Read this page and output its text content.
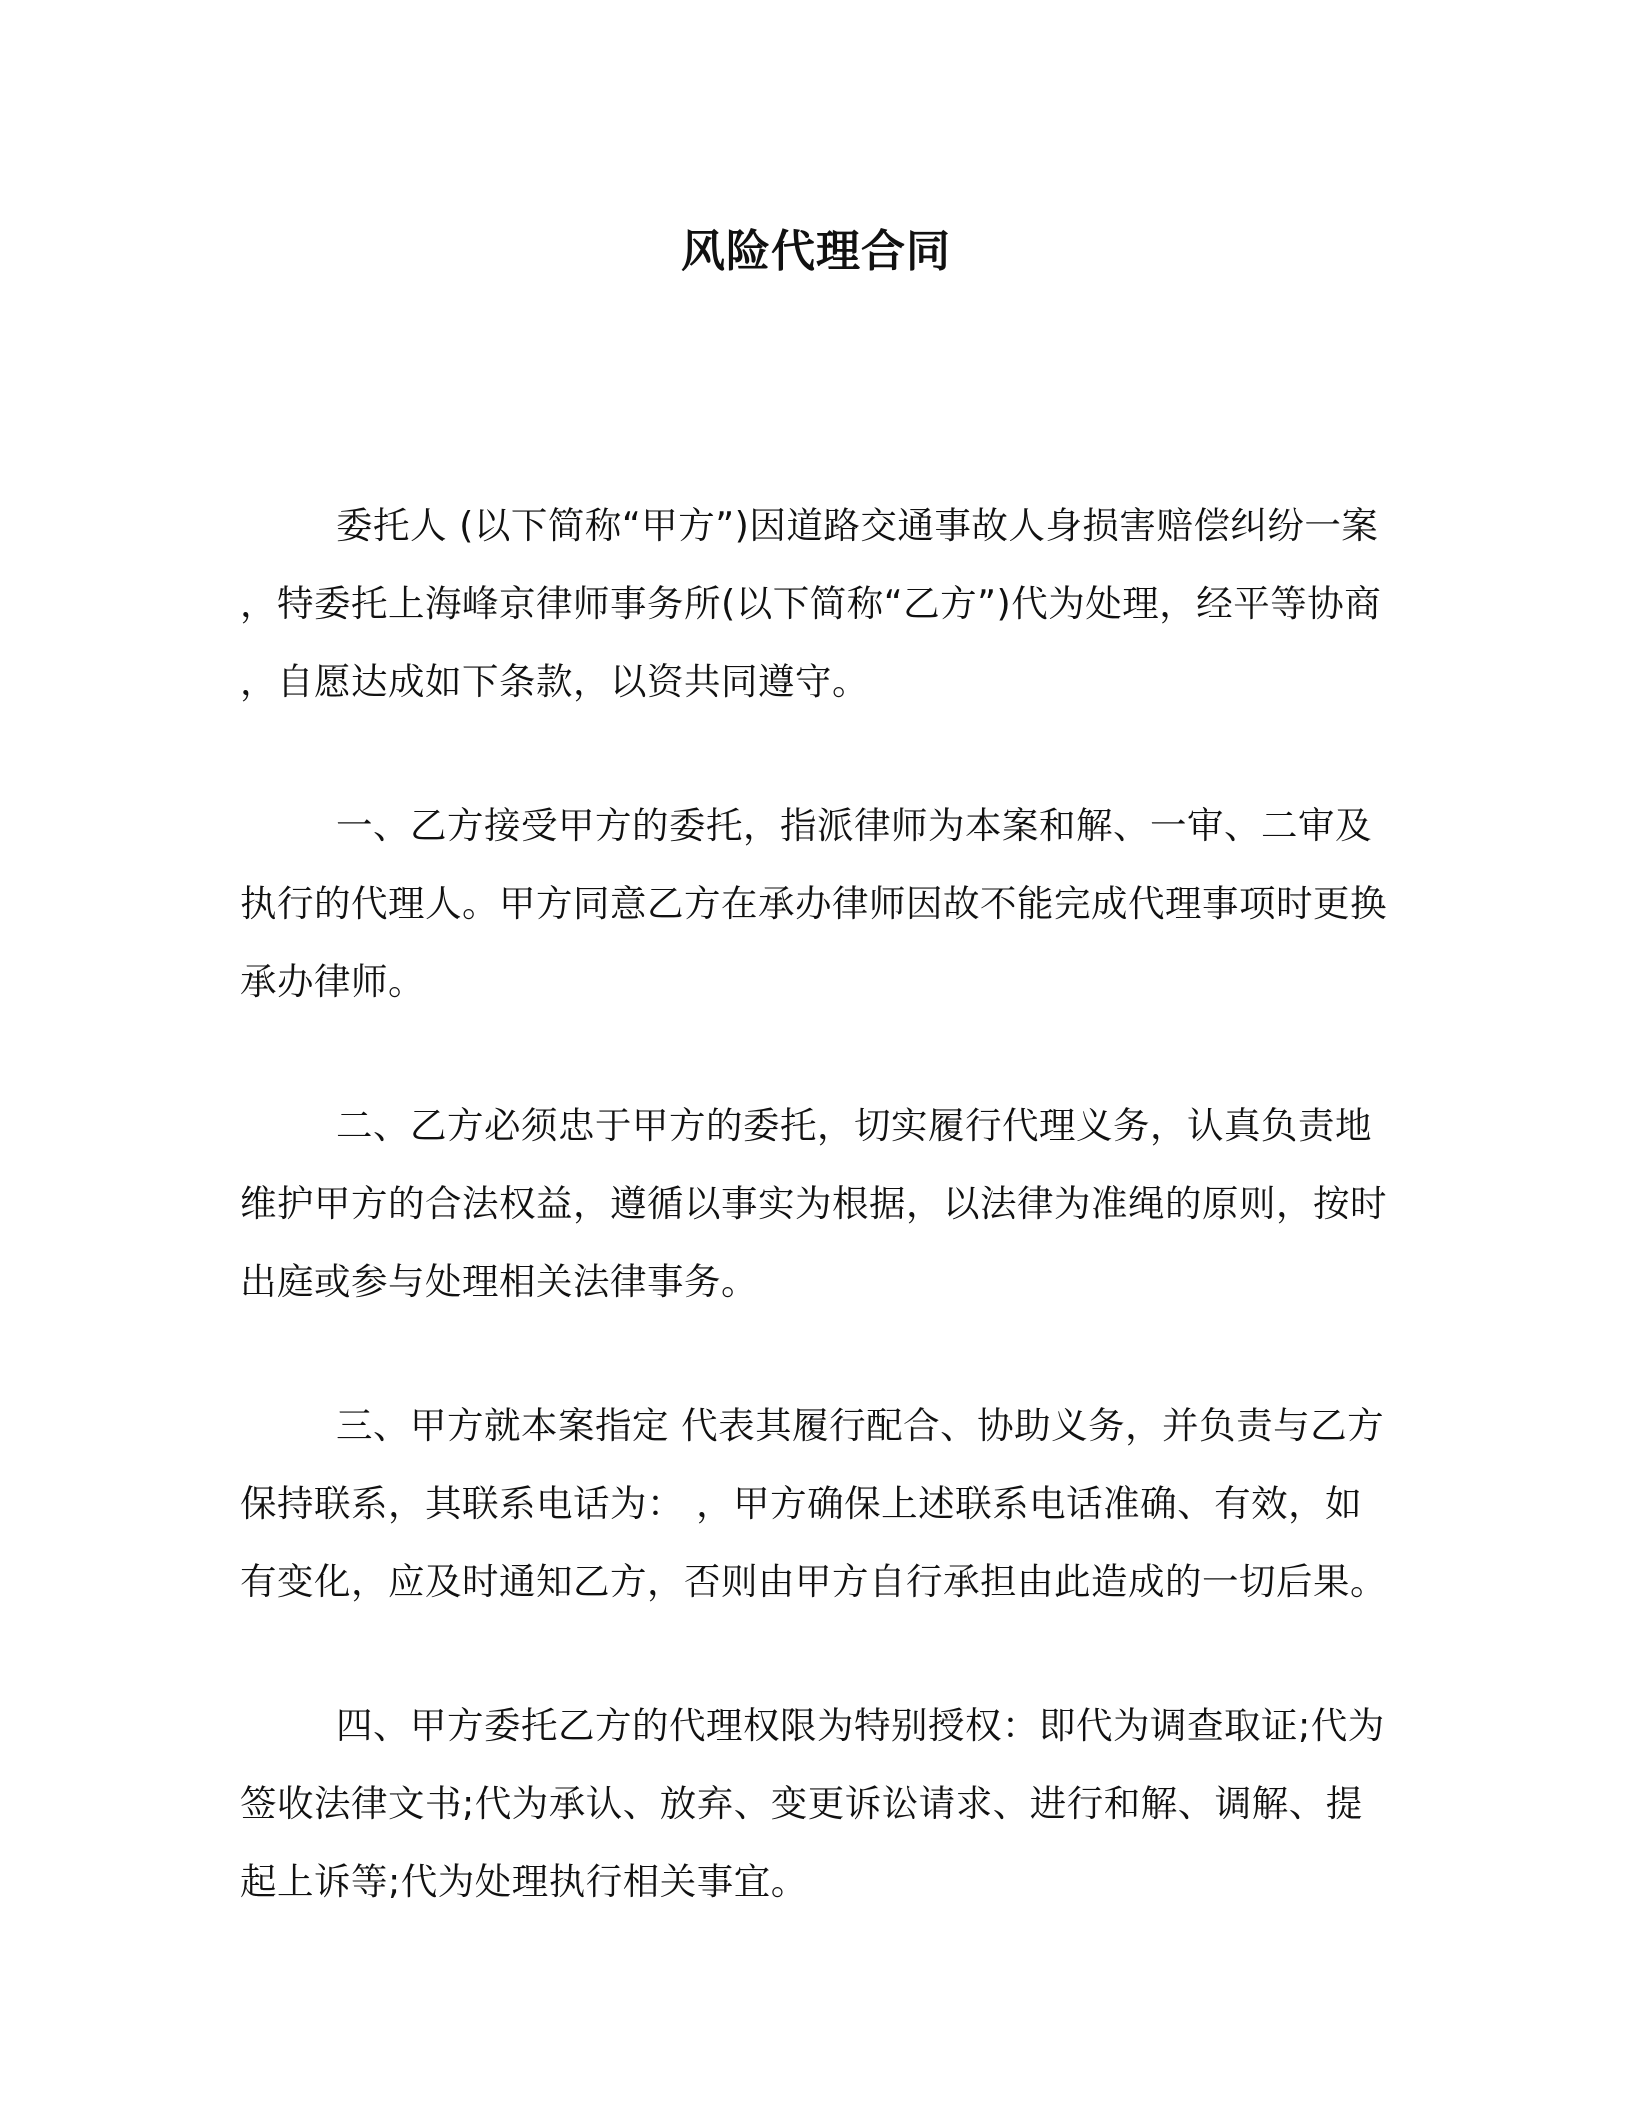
风险代理合同

委托人 (以下简称“甲方”)因道路交通事故人身损害赔偿纠纷一案，特委托上海峰京律师事务所(以下简称“乙方”)代为处理，经平等协商，自愿达成如下条款，以资共同遵守。

一、乙方接受甲方的委托，指派律师为本案和解、一审、二审及执行的代理人。甲方同意乙方在承办律师因故不能完成代理事项时更换承办律师。

二、乙方必须忠于甲方的委托，切实履行代理义务，认真负责地维护甲方的合法权益，遵循以事实为根据，以法律为准绳的原则，按时出庭或参与处理相关法律事务。

三、甲方就本案指定 代表其履行配合、协助义务，并负责与乙方保持联系，其联系电话为： ，甲方确保上述联系电话准确、有效，如有变化，应及时通知乙方，否则由甲方自行承担由此造成的一切后果。

四、甲方委托乙方的代理权限为特别授权：即代为调查取证;代为签收法律文书;代为承认、放弃、变更诉讼请求、进行和解、调解、提起上诉等;代为处理执行相关事宜。
